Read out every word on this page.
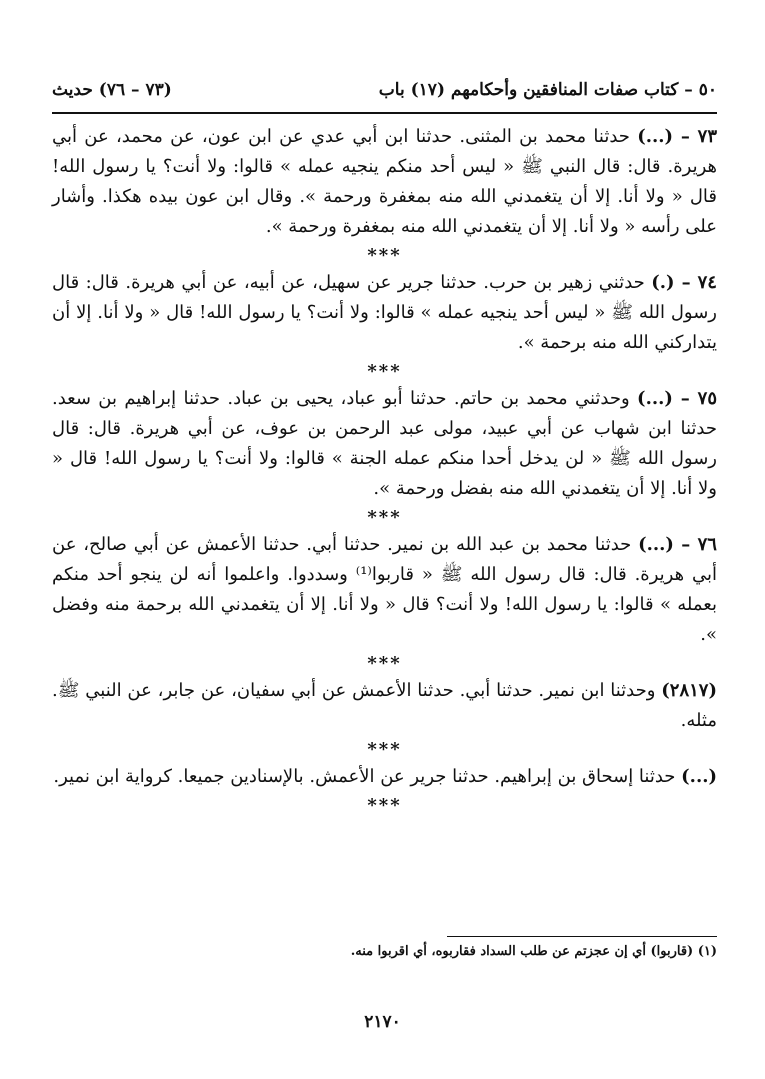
٥٠ – كتاب صفات المنافقين وأحكامهم (١٧) باب
(٧٣ – ٧٦) حديث

٧٣ – (...) حدثنا محمد بن المثنى. حدثنا ابن أبي عدي عن ابن عون، عن محمد، عن أبي هريرة. قال: قال النبي ﷺ « ليس أحد منكم ينجيه عمله » قالوا: ولا أنت؟ يا رسول الله! قال « ولا أنا. إلا أن يتغمدني الله منه بمغفرة ورحمة ». وقال ابن عون بيده هكذا. وأشار على رأسه « ولا أنا. إلا أن يتغمدني الله منه بمغفرة ورحمة ».

***

٧٤ – (.) حدثني زهير بن حرب. حدثنا جرير عن سهيل، عن أبيه، عن أبي هريرة. قال: قال رسول الله ﷺ « ليس أحد ينجيه عمله » قالوا: ولا أنت؟ يا رسول الله! قال « ولا أنا. إلا أن يتداركني الله منه برحمة ».

***

٧٥ – (...) وحدثني محمد بن حاتم. حدثنا أبو عباد، يحيى بن عباد. حدثنا إبراهيم بن سعد. حدثنا ابن شهاب عن أبي عبيد، مولى عبد الرحمن بن عوف، عن أبي هريرة. قال: قال رسول الله ﷺ « لن يدخل أحدا منكم عمله الجنة » قالوا: ولا أنت؟ يا رسول الله! قال « ولا أنا. إلا أن يتغمدني الله منه بفضل ورحمة ».

***

٧٦ – (...) حدثنا محمد بن عبد الله بن نمير. حدثنا أبي. حدثنا الأعمش عن أبي صالح، عن أبي هريرة. قال: قال رسول الله ﷺ « قاربوا⁽¹⁾ وسددوا. واعلموا أنه لن ينجو أحد منكم بعمله » قالوا: يا رسول الله! ولا أنت؟ قال « ولا أنا. إلا أن يتغمدني الله برحمة منه وفضل ».

***

(٢٨١٧) وحدثنا ابن نمير. حدثنا أبي. حدثنا الأعمش عن أبي سفيان، عن جابر، عن النبي ﷺ. مثله.

***

(...) حدثنا إسحاق بن إبراهيم. حدثنا جرير عن الأعمش. بالإسنادين جميعا. كرواية ابن نمير.

***
(١) (قاربوا) أي إن عجزتم عن طلب السداد فقاربوه، أي اقربوا منه.
٢١٧٠
